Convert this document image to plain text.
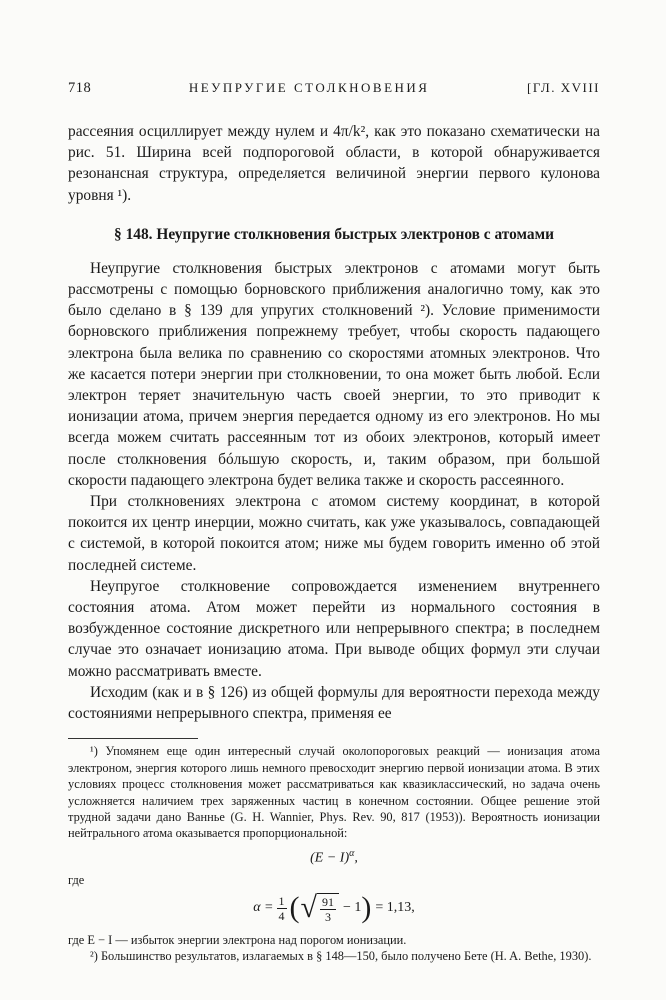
718	НЕУПРУГИЕ СТОЛКНОВЕНИЯ	[ГЛ. XVIII

рассеяния осциллирует между нулем и 4π/k², как это показано схематически на рис. 51. Ширина всей подпороговой области, в которой обнаруживается резонансная структура, определяется величиной энергии первого кулонова уровня ¹).

§ 148. Неупругие столкновения быстрых электронов с атомами

Неупругие столкновения быстрых электронов с атомами могут быть рассмотрены с помощью борновского приближения аналогично тому, как это было сделано в § 139 для упругих столкновений ²). Условие применимости борновского приближения попрежнему требует, чтобы скорость падающего электрона была велика по сравнению со скоростями атомных электронов. Что же касается потери энергии при столкновении, то она может быть любой. Если электрон теряет значительную часть своей энергии, то это приводит к ионизации атома, причем энергия передается одному из его электронов. Но мы всегда можем считать рассеянным тот из обоих электронов, который имеет после столкновения бóльшую скорость, и, таким образом, при большой скорости падающего электрона будет велика также и скорость рассеянного.

При столкновениях электрона с атомом систему координат, в которой покоится их центр инерции, можно считать, как уже указывалось, совпадающей с системой, в которой покоится атом; ниже мы будем говорить именно об этой последней системе.

Неупругое столкновение сопровождается изменением внутреннего состояния атома. Атом может перейти из нормального состояния в возбужденное состояние дискретного или непрерывного спектра; в последнем случае это означает ионизацию атома. При выводе общих формул эти случаи можно рассматривать вместе.

Исходим (как и в § 126) из общей формулы для вероятности перехода между состояниями непрерывного спектра, применяя ее

¹) Упомянем еще один интересный случай околопороговых реакций — ионизация атома электроном, энергия которого лишь немного превосходит энергию первой ионизации атома. В этих условиях процесс столкновения может рассматриваться как квазиклассический, но задача очень усложняется наличием трех заряженных частиц в конечном состоянии. Общее решение этой трудной задачи дано Ваннье (G. H. Wannier, Phys. Rev. 90, 817 (1953)). Вероятность ионизации нейтрального атома оказывается пропорциональной:

$(E - I)^\alpha$,

где

$\alpha = \frac{1}{4}$ ( √ $\frac{91}{3} - 1$ ) = 1,13,

где E − I — избыток энергии электрона над порогом ионизации.

²) Большинство результатов, излагаемых в § 148—150, было получено Бете (H. A. Bethe, 1930).
